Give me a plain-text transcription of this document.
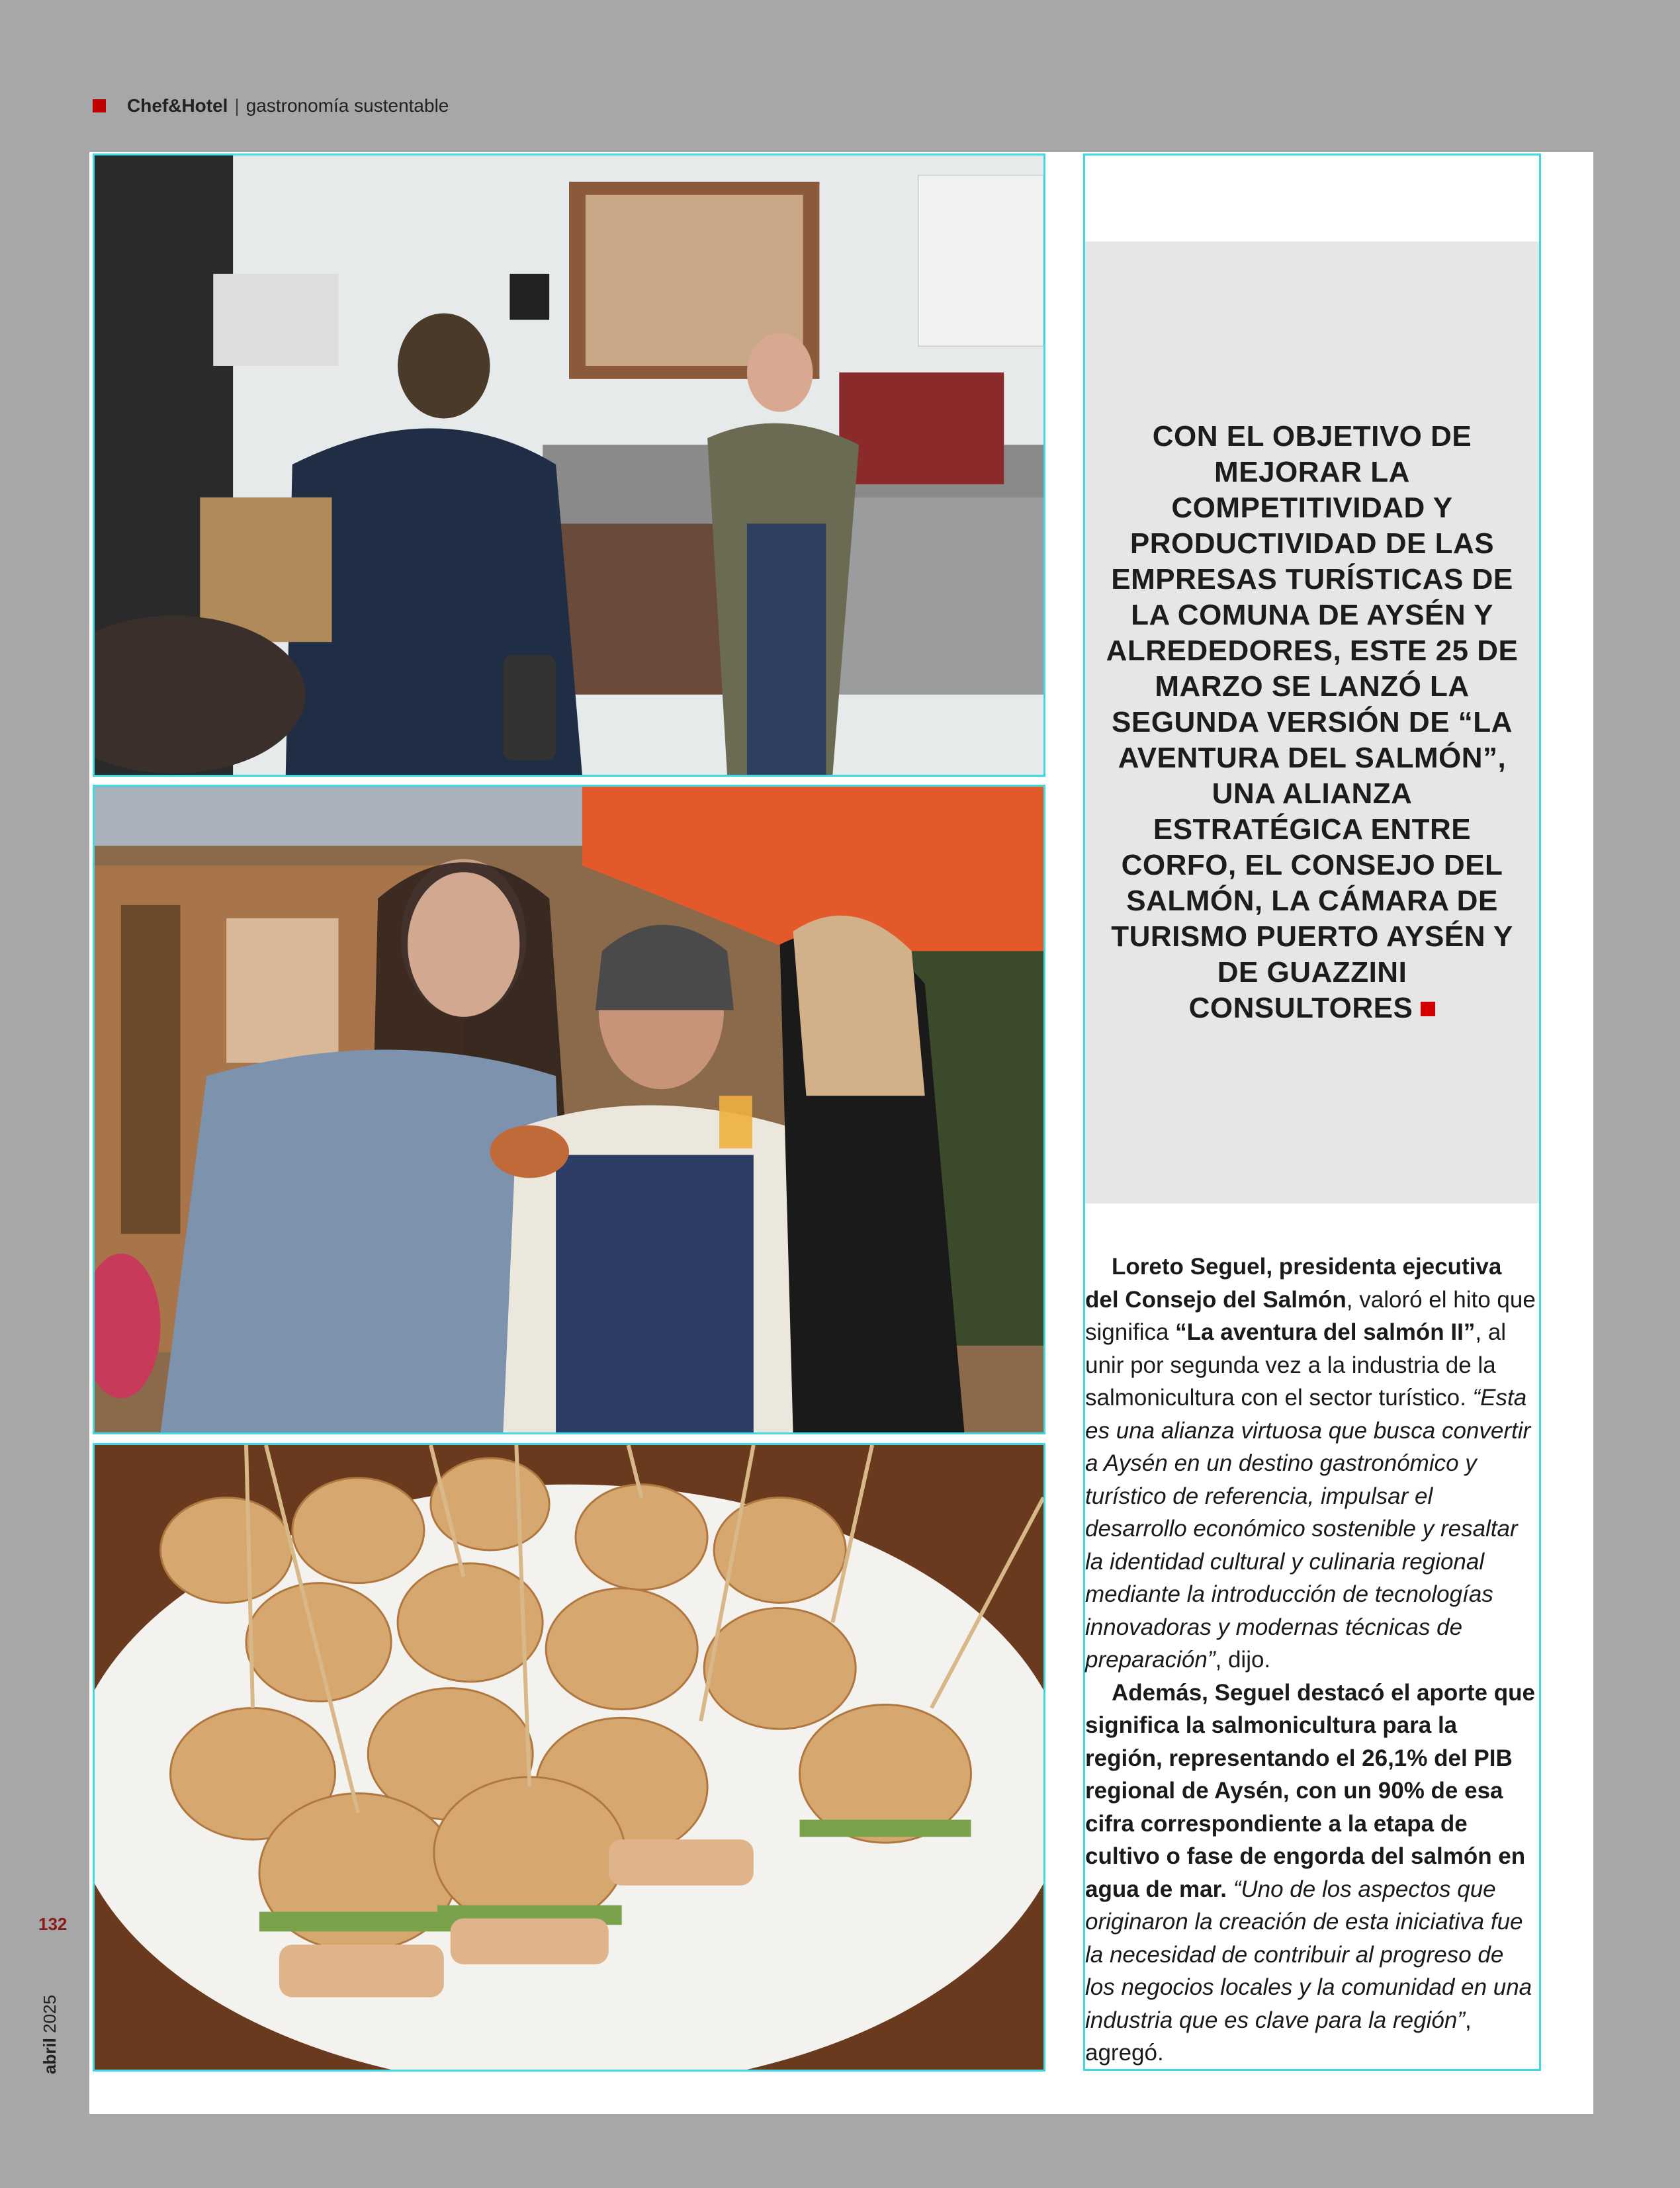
Chef&Hotel | gastronomía sustentable

CON EL OBJETIVO DE MEJORAR LA COMPETITIVIDAD Y PRODUCTIVIDAD DE LAS EMPRESAS TURÍSTICAS DE LA COMUNA DE AYSÉN Y ALREDEDORES, ESTE 25 DE MARZO SE LANZÓ LA SEGUNDA VERSIÓN DE “LA AVENTURA DEL SALMÓN”, UNA ALIANZA ESTRATÉGICA ENTRE CORFO, EL CONSEJO DEL SALMÓN, LA CÁMARA DE TURISMO PUERTO AYSÉN Y DE GUAZZINI CONSULTORES

Loreto Seguel, presidenta ejecutiva del Consejo del Salmón, valoró el hito que significa “La aventura del salmón II”, al unir por segunda vez a la industria de la salmonicultura con el sector turístico. “Esta es una alianza virtuosa que busca convertir a Aysén en un destino gastronómico y turístico de referencia, impulsar el desarrollo económico sostenible y resaltar la identidad cultural y culinaria regional mediante la introducción de tecnologías innovadoras y modernas técnicas de preparación”, dijo.

Además, Seguel destacó el aporte que significa la salmonicultura para la región, representando el 26,1% del PIB regional de Aysén, con un 90% de esa cifra correspondiente a la etapa de cultivo o fase de engorda del salmón en agua de mar. “Uno de los aspectos que originaron la creación de esta iniciativa fue la necesidad de contribuir al progreso de los negocios locales y la comunidad en una industria que es clave para la región”, agregó.

132
abril 2025
